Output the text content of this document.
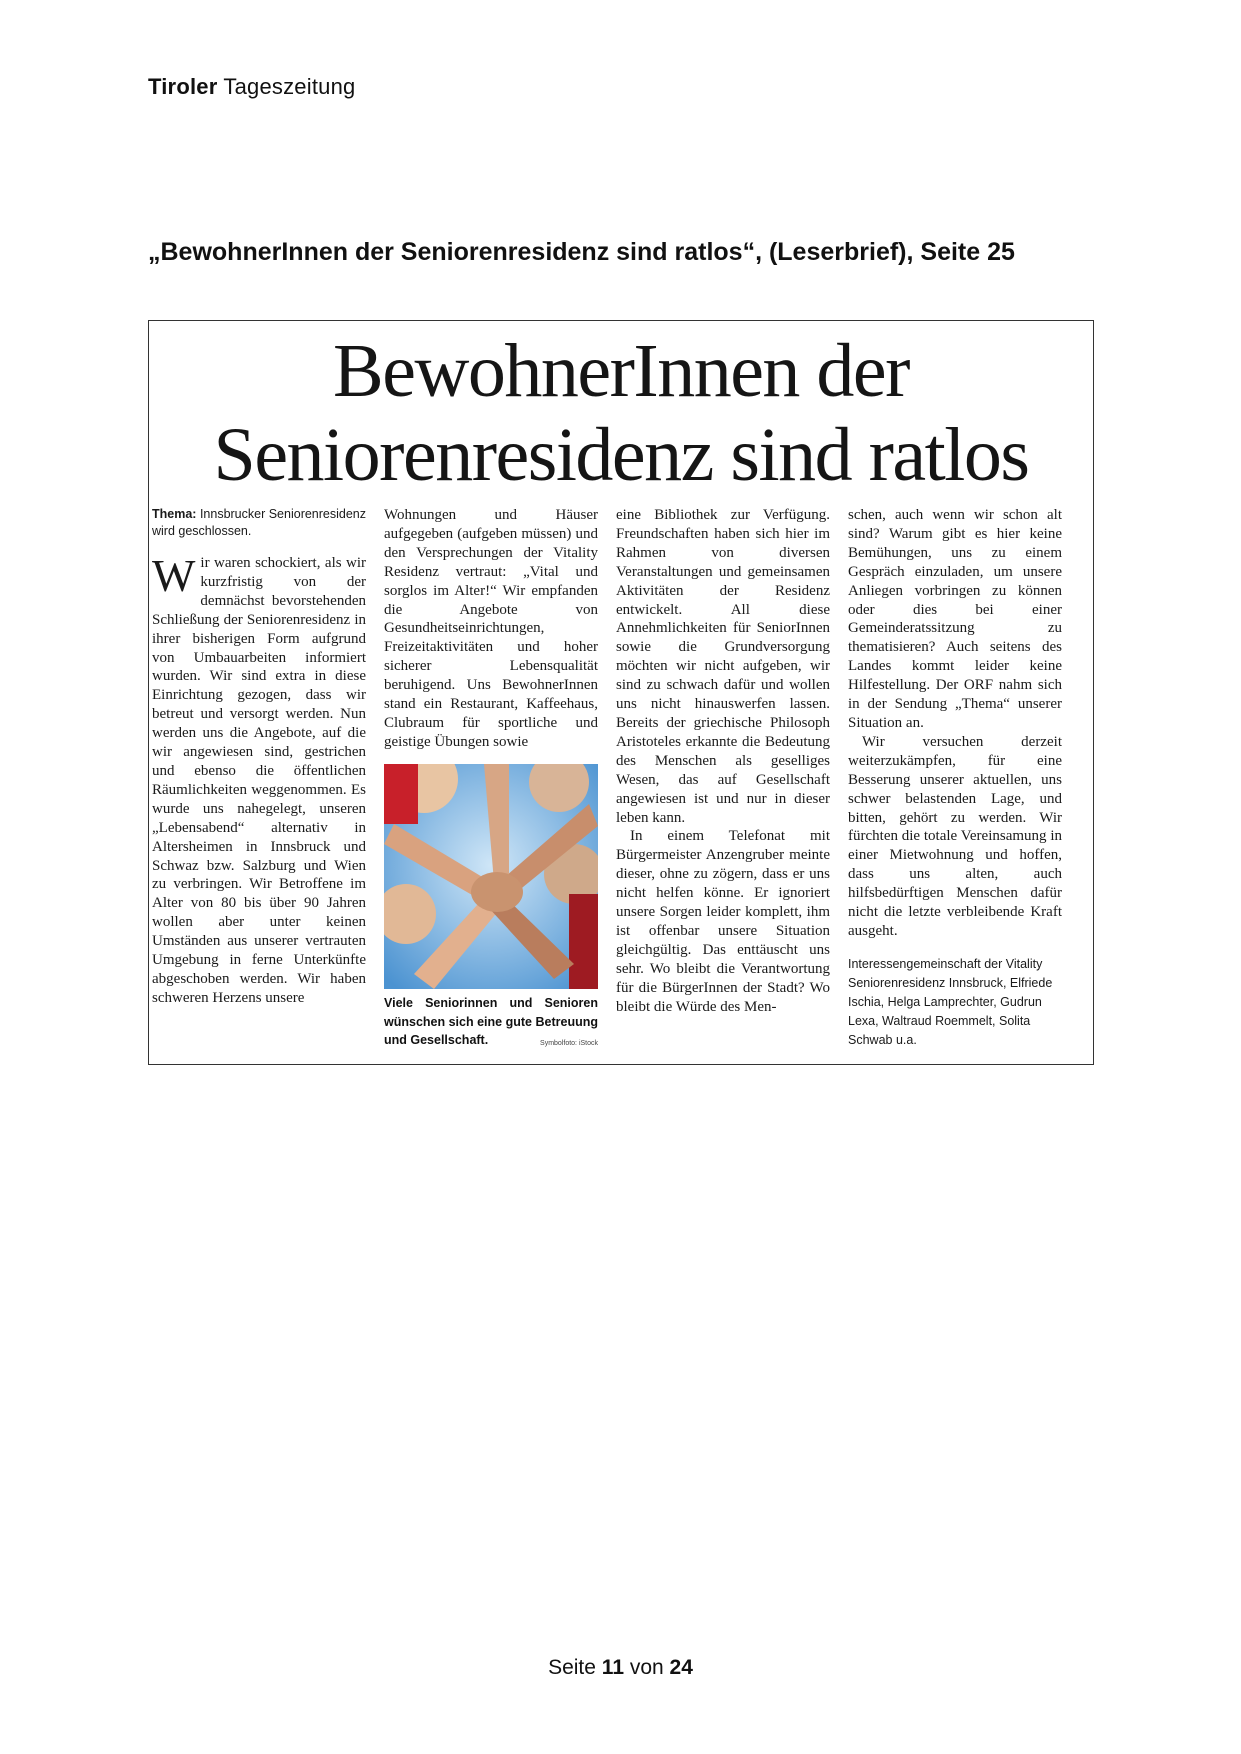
Tiroler Tageszeitung
„BewohnerInnen der Seniorenresidenz sind ratlos“, (Leserbrief), Seite 25
BewohnerInnen der
Seniorenresidenz sind ratlos

Thema: Innsbrucker Seniorenresidenz wird geschlossen.

Wir waren schockiert, als wir kurzfristig von der demnächst bevorstehenden Schließung der Seniorenresidenz in ihrer bisherigen Form aufgrund von Umbauarbeiten informiert wurden. Wir sind extra in diese Einrichtung gezogen, dass wir betreut und versorgt werden. Nun werden uns die Angebote, auf die wir angewiesen sind, gestrichen und ebenso die öffentlichen Räumlichkeiten weggenommen. Es wurde uns nahegelegt, unseren „Lebensabend“ alternativ in Altersheimen in Innsbruck und Schwaz bzw. Salzburg und Wien zu verbringen. Wir Betroffene im Alter von 80 bis über 90 Jahren wollen aber unter keinen Umständen aus unserer vertrauten Umgebung in ferne Unterkünfte abgeschoben werden. Wir haben schweren Herzens unsere

Wohnungen und Häuser aufgegeben (aufgeben müssen) und den Versprechungen der Vitality Residenz vertraut: „Vital und sorglos im Alter!“ Wir empfanden die Angebote von Gesundheitseinrichtungen, Freizeitaktivitäten und hoher sicherer Lebensqualität beruhigend. Uns BewohnerInnen stand ein Restaurant, Kaffeehaus, Clubraum für sportliche und geistige Übungen sowie

Viele Seniorinnen und Senioren wünschen sich eine gute Betreuung und Gesellschaft.	Symbolfoto: iStock

eine Bibliothek zur Verfügung. Freundschaften haben sich hier im Rahmen von diversen Veranstaltungen und gemeinsamen Aktivitäten der Residenz entwickelt. All diese Annehmlichkeiten für SeniorInnen sowie die Grundversorgung möchten wir nicht aufgeben, wir sind zu schwach dafür und wollen uns nicht hinauswerfen lassen. Bereits der griechische Philosoph Aristoteles erkannte die Bedeutung des Menschen als geselliges Wesen, das auf Gesellschaft angewiesen ist und nur in dieser leben kann.

In einem Telefonat mit Bürgermeister Anzengruber meinte dieser, ohne zu zögern, dass er uns nicht helfen könne. Er ignoriert unsere Sorgen leider komplett, ihm ist offenbar unsere Situation gleichgültig. Das enttäuscht uns sehr. Wo bleibt die Verantwortung für die BürgerInnen der Stadt? Wo bleibt die Würde des Men-

schen, auch wenn wir schon alt sind? Warum gibt es hier keine Bemühungen, uns zu einem Gespräch einzuladen, um unsere Anliegen vorbringen zu können oder dies bei einer Gemeinderatssitzung zu thematisieren? Auch seitens des Landes kommt leider keine Hilfestellung. Der ORF nahm sich in der Sendung „Thema“ unserer Situation an.

Wir versuchen derzeit weiterzukämpfen, für eine Besserung unserer aktuellen, uns schwer belastenden Lage, und bitten, gehört zu werden. Wir fürchten die totale Vereinsamung in einer Mietwohnung und hoffen, dass uns alten, auch hilfsbedürftigen Menschen dafür nicht die letzte verbleibende Kraft ausgeht.

Interessengemeinschaft der Vitality Seniorenresidenz Innsbruck, Elfriede Ischia, Helga Lamprechter, Gudrun Lexa, Waltraud Roemmelt, Solita Schwab u.a.

Seite 11 von 24
